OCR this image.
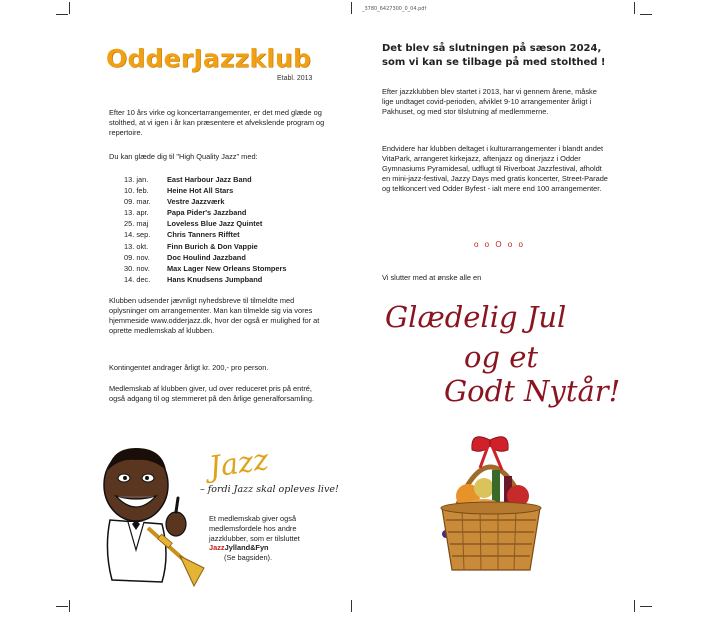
_3780_6427300_0_04.pdf
OdderJazzklub
Etabl. 2013

Efter 10 års virke og koncertarrangementer, er det med glæde og stolthed, at vi igen i år kan præsentere et afvekslende program og repertoire.

Du kan glæde dig til "High Quality Jazz" med:

13. jan.	East Harbour Jazz Band
10. feb.	Heine Hot All Stars
09. mar.	Vestre Jazzværk
13. apr.	Papa Pider's Jazzband
25. maj	Loveless Blue Jazz Quintet
14. sep.	Chris Tanners Rifftet
13. okt.	Finn Burich & Don Vappie
09. nov.	Doc Houlind Jazzband
30. nov.	Max Lager New Orleans Stompers
14. dec.	Hans Knudsens Jumpband

Klubben udsender jævnligt nyhedsbreve til tilmeldte med oplysninger om arrangementer. Man kan tilmelde sig via vores hjemmeside www.odderjazz.dk, hvor der også er mulighed for at oprette medlemskab af klubben.

Kontingentet andrager årligt kr. 200,- pro person.

Medlemskab af klubben giver, ud over reduceret pris på entré, også adgang til og stemmeret på den årlige generalforsamling.

Jazz
– fordi Jazz skal opleves live!
Et medlemskab giver også medlemsfordele hos andre jazzklubber, som er tilsluttet
JazzJylland&Fyn
(Se bagsiden).
Det blev så slutningen på sæson 2024,
som vi kan se tilbage på med stolthed !

Efter jazzklubben blev startet i 2013, har vi gennem årene, måske lige undtaget covid-perioden, afviklet 9-10 arrangementer årligt i Pakhuset, og med stor tilslutning af medlemmerne.

Endvidere har klubben deltaget i kulturarrangementer i blandt andet VitaPark, arrangeret kirkejazz, aftenjazz og dinerjazz i Odder Gymnasiums Pyramidesal, udflugt til Riverboat Jazzfestival, afholdt en mini-jazz-festival, Jazzy Days med gratis koncerter, Street-Parade og teltkoncert ved Odder Byfest - ialt mere end 100 arrangementer.

o o O o o

Vi slutter med at ønske alle en

Glædelig Jul
og et
Godt Nytår!
